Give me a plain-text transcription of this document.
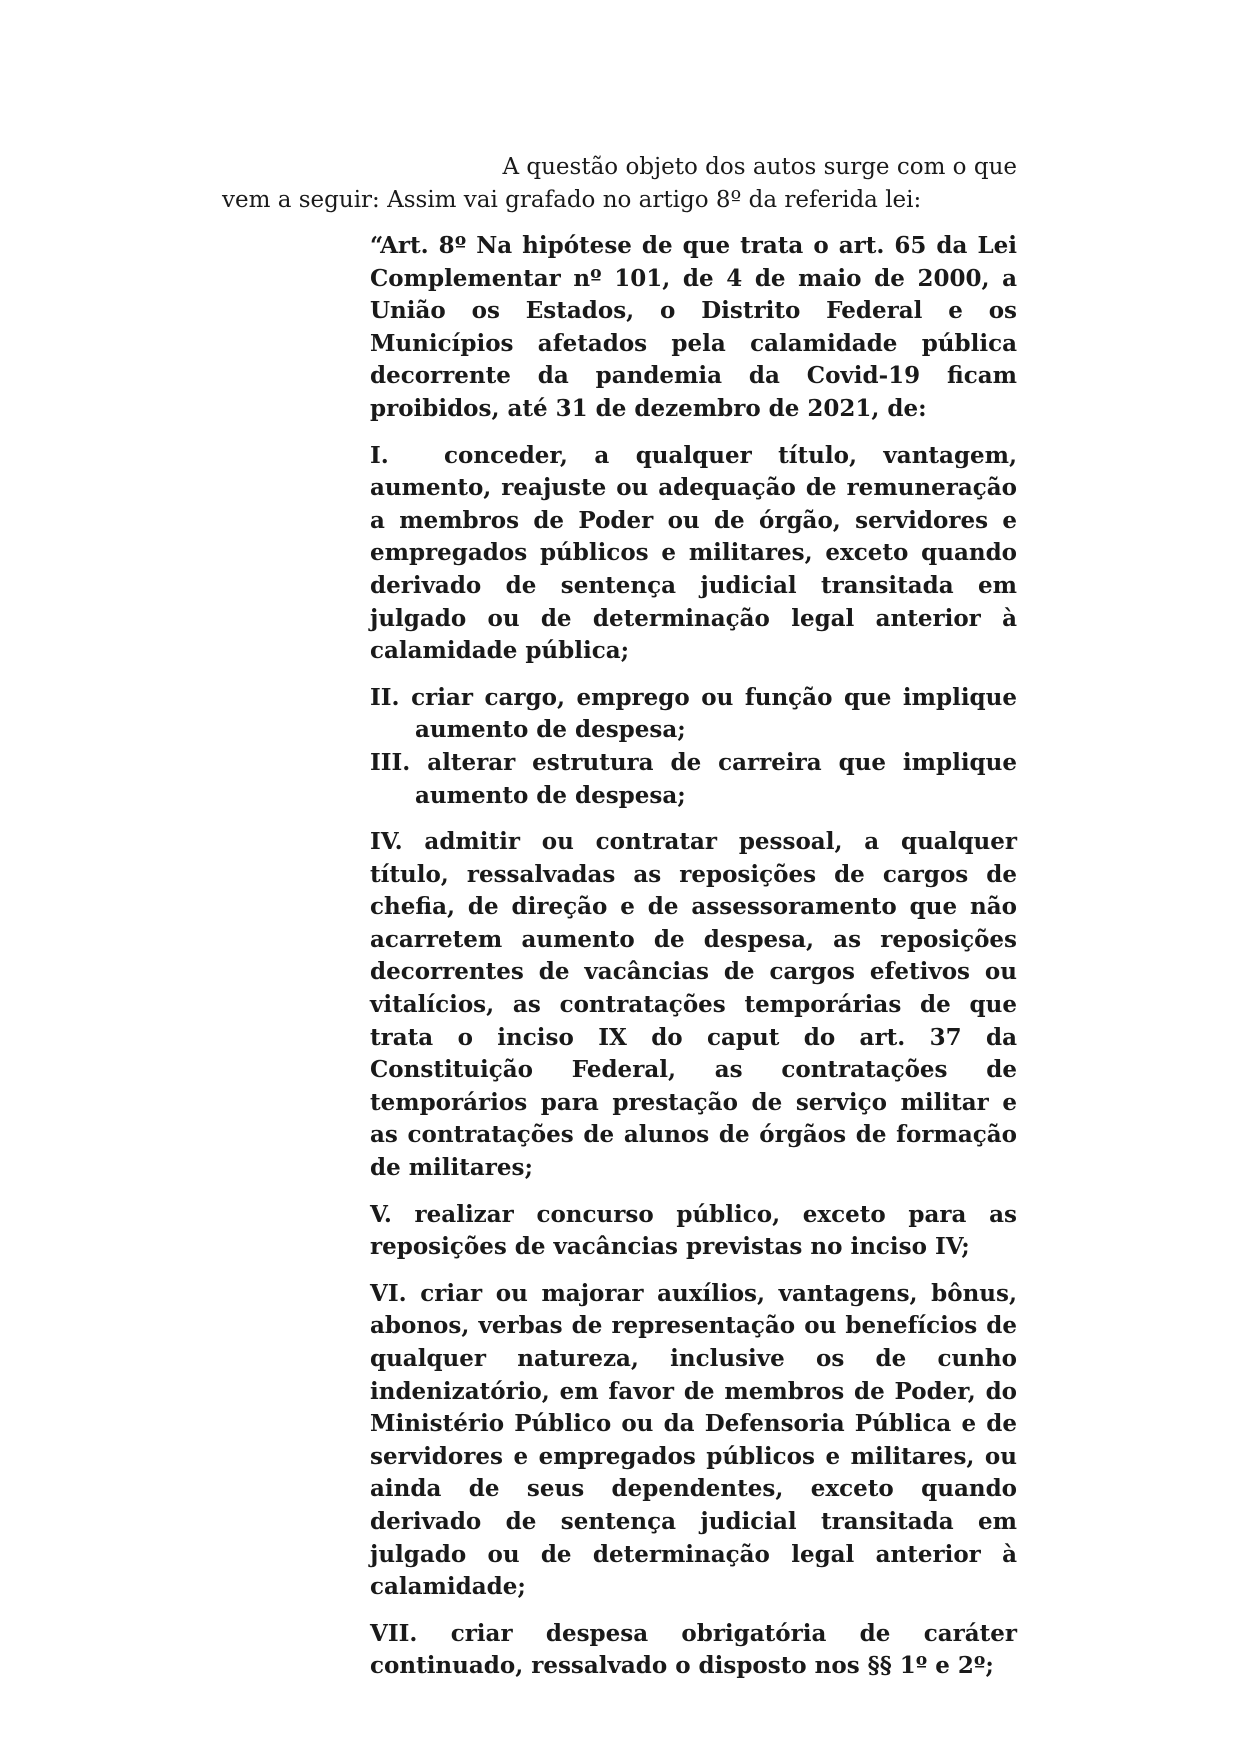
A questão objeto dos autos surge com o que
vem a seguir: Assim vai grafado no artigo 8º da referida lei:

“Art. 8º Na hipótese de que trata o art. 65 da Lei Complementar nº 101, de 4 de maio de 2000, a União os Estados, o Distrito Federal e os Municípios afetados pela calamidade pública decorrente da pandemia da Covid-19 ficam proibidos, até 31 de dezembro de 2021, de:

I. conceder, a qualquer título, vantagem, aumento, reajuste ou adequação de remuneração a membros de Poder ou de órgão, servidores e empregados públicos e militares, exceto quando derivado de sentença judicial transitada em julgado ou de determinação legal anterior à calamidade pública;

II. criar cargo, emprego ou função que implique aumento de despesa;

III. alterar estrutura de carreira que implique aumento de despesa;

IV. admitir ou contratar pessoal, a qualquer título, ressalvadas as reposições de cargos de chefia, de direção e de assessoramento que não acarretem aumento de despesa, as reposições decorrentes de vacâncias de cargos efetivos ou vitalícios, as contratações temporárias de que trata o inciso IX do caput do art. 37 da Constituição Federal, as contratações de temporários para prestação de serviço militar e as contratações de alunos de órgãos de formação de militares;

V. realizar concurso público, exceto para as reposições de vacâncias previstas no inciso IV;

VI. criar ou majorar auxílios, vantagens, bônus, abonos, verbas de representação ou benefícios de qualquer natureza, inclusive os de cunho indenizatório, em favor de membros de Poder, do Ministério Público ou da Defensoria Pública e de servidores e empregados públicos e militares, ou ainda de seus dependentes, exceto quando derivado de sentença judicial transitada em julgado ou de determinação legal anterior à calamidade;

VII. criar despesa obrigatória de caráter continuado, ressalvado o disposto nos §§ 1º e 2º;
